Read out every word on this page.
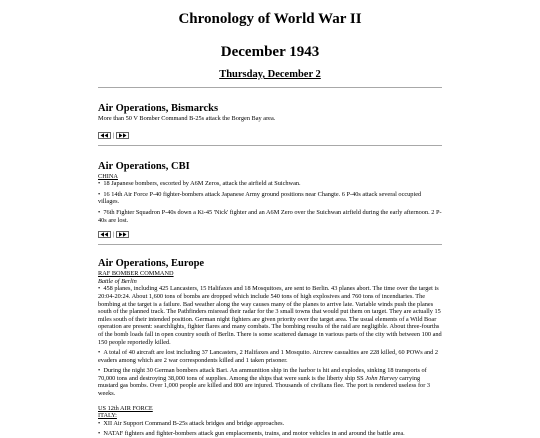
Chronology of World War II
December 1943
Thursday, December 2
Air Operations, Bismarcks
More than 50 V Bomber Command B-25s attack the Borgen Bay area.
|
Air Operations, CBI
CHINA
•  18 Japanese bombers, escorted by A6M Zeros, attack the airfield at Suichwan.
•  16 14th Air Force P-40 fighter-bombers attack Japanese Army ground positions near Changte. 6 P-40s attack several occupied villages.
•  76th Fighter Squadron P-40s down a Ki-45 'Nick' fighter and an A6M Zero over the Suichwan airfield during the early afternoon. 2 P-40s are lost.
|
Air Operations, Europe
RAF BOMBER COMMAND
Battle of Berlin
•  458 planes, including 425 Lancasters, 15 Halifaxes and 18 Mosquitoes, are sent to Berlin. 43 planes abort. The time over the target is 20:04-20:24. About 1,600 tons of bombs are dropped which include 540 tons of high explosives and 760 tons of incendiaries. The bombing at the target is a failure. Bad weather along the way causes many of the planes to arrive late. Variable winds push the planes south of the planned track. The Pathfinders misread their radar for the 3 small towns that would put them on target. They are actually 15 miles south of their intended position. German night fighters are given priority over the target area. The usual elements of a Wild Boar operation are present: searchlights, fighter flares and many combats. The bombing results of the raid are negligible. About three-fourths of the bomb loads fall in open country south of Berlin. There is some scattered damage in various parts of the city with between 100 and 150 people reportedly killed.
•  A total of 40 aircraft are lost including 37 Lancasters, 2 Halifaxes and 1 Mosquito. Aircrew casualties are 228 killed, 60 POWs and 2 evaders among which are 2 war correspondents killed and 1 taken prisoner.
•  During the night 30 German bombers attack Bari. An ammunition ship in the harbor is hit and explodes, sinking 18 transports of 70,000 tons and destroying 38,000 tons of supplies. Among the ships that were sunk is the liberty ship SS John Harvey carrying mustard gas bombs. Over 1,000 people are killed and 800 are injured. Thousands of civilians flee. The port is rendered useless for 3 weeks.
US 12th AIR FORCE
ITALY:
•  XII Air Support Command B-25s attack bridges and bridge approaches.
•  NATAF fighters and fighter-bombers attack gun emplacements, trains, and motor vehicles in and around the battle area.
